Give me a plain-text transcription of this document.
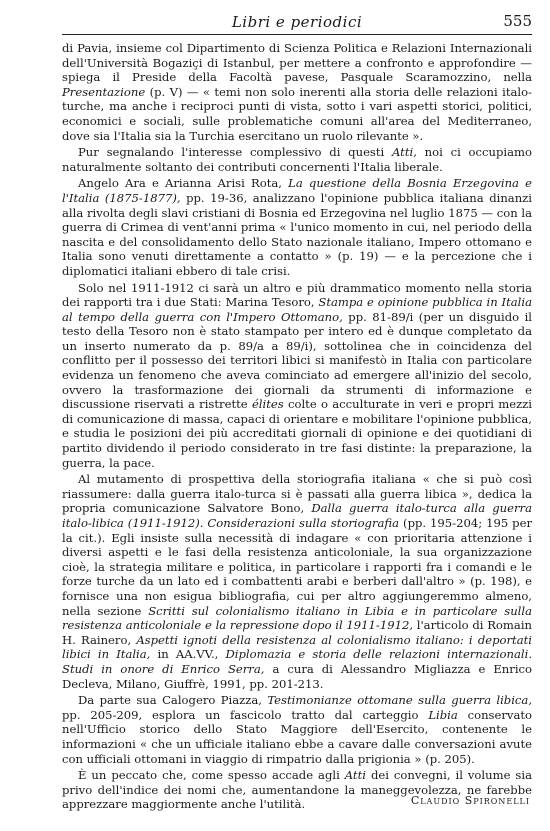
Libri e periodici	555

di Pavia, insieme col Dipartimento di Scienza Politica e Relazioni Internazionali dell'Università Bogaziçi di Istanbul, per mettere a confronto e approfondire — spiega il Preside della Facoltà pavese, Pasquale Scaramozzino, nella Presentazione (p. V) — « temi non solo inerenti alla storia delle relazioni italo-turche, ma anche i reciproci punti di vista, sotto i vari aspetti storici, politici, economici e sociali, sulle problematiche comuni all'area del Mediterraneo, dove sia l'Italia sia la Turchia esercitano un ruolo rilevante ».

Pur segnalando l'interesse complessivo di questi Atti, noi ci occupiamo naturalmente soltanto dei contributi concernenti l'Italia liberale.

Angelo Ara e Arianna Arisi Rota, La questione della Bosnia Erzegovina e l'Italia (1875-1877), pp. 19-36, analizzano l'opinione pubblica italiana dinanzi alla rivolta degli slavi cristiani di Bosnia ed Erzegovina nel luglio 1875 — con la guerra di Crimea di vent'anni prima « l'unico momento in cui, nel periodo della nascita e del consolidamento dello Stato nazionale italiano, Impero ottomano e Italia sono venuti direttamente a contatto » (p. 19) — e la percezione che i diplomatici italiani ebbero di tale crisi.

Solo nel 1911-1912 ci sarà un altro e più drammatico momento nella storia dei rapporti tra i due Stati: Marina Tesoro, Stampa e opinione pubblica in Italia al tempo della guerra con l'Impero Ottomano, pp. 81-89/i (per un disguido il testo della Tesoro non è stato stampato per intero ed è dunque completato da un inserto numerato da p. 89/a a 89/i), sottolinea che in coincidenza del conflitto per il possesso dei territori libici si manifestò in Italia con particolare evidenza un fenomeno che aveva cominciato ad emergere all'inizio del secolo, ovvero la trasformazione dei giornali da strumenti di informazione e discussione riservati a ristrette élites colte o acculturate in veri e propri mezzi di comunicazione di massa, capaci di orientare e mobilitare l'opinione pubblica, e studia le posizioni dei più accreditati giornali di opinione e dei quotidiani di partito dividendo il periodo considerato in tre fasi distinte: la preparazione, la guerra, la pace.

Al mutamento di prospettiva della storiografia italiana « che si può così riassumere: dalla guerra italo-turca si è passati alla guerra libica », dedica la propria comunicazione Salvatore Bono, Dalla guerra italo-turca alla guerra italo-libica (1911-1912). Considerazioni sulla storiografia (pp. 195-204; 195 per la cit.). Egli insiste sulla necessità di indagare « con prioritaria attenzione i diversi aspetti e le fasi della resistenza anticoloniale, la sua organizzazione cioè, la strategia militare e politica, in particolare i rapporti fra i comandi e le forze turche da un lato ed i combattenti arabi e berberi dall'altro » (p. 198), e fornisce una non esigua bibliografia, cui per altro aggiungeremmo almeno, nella sezione Scritti sul colonialismo italiano in Libia e in particolare sulla resistenza anticoloniale e la repressione dopo il 1911-1912, l'articolo di Romain H. Rainero, Aspetti ignoti della resistenza al colonialismo italiano: i deportati libici in Italia, in AA.VV., Diplomazia e storia delle relazioni internazionali. Studi in onore di Enrico Serra, a cura di Alessandro Migliazza e Enrico Decleva, Milano, Giuffrè, 1991, pp. 201-213.

Da parte sua Calogero Piazza, Testimonianze ottomane sulla guerra libica, pp. 205-209, esplora un fascicolo tratto dal carteggio Libia conservato nell'Ufficio storico dello Stato Maggiore dell'Esercito, contenente le informazioni « che un ufficiale italiano ebbe a cavare dalle conversazioni avute con ufficiali ottomani in viaggio di rimpatrio dalla prigionia » (p. 205).

È un peccato che, come spesso accade agli Atti dei convegni, il volume sia privo dell'indice dei nomi che, aumentandone la maneggevolezza, ne farebbe apprezzare maggiormente anche l'utilità.	Claudio Spironelli
